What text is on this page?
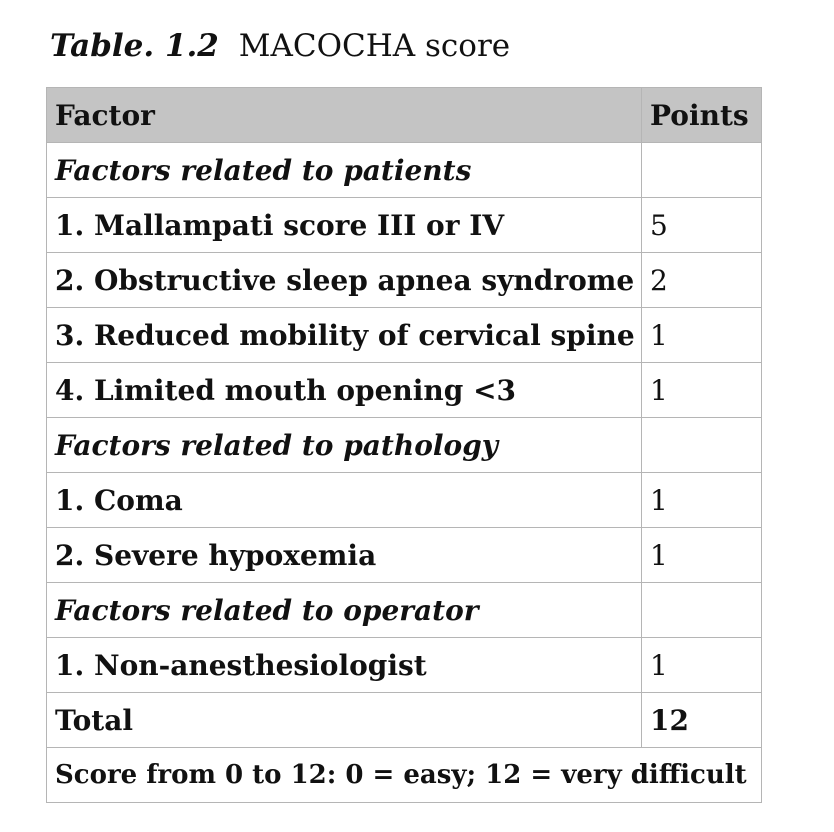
Table. 1.2 MACOCHA score
Factor	Points
Factors related to patients	
1. Mallampati score III or IV	5
2. Obstructive sleep apnea syndrome	2
3. Reduced mobility of cervical spine	1
4. Limited mouth opening <3	1
Factors related to pathology	
1. Coma	1
2. Severe hypoxemia	1
Factors related to operator	
1. Non-anesthesiologist	1
Total	12
Score from 0 to 12: 0 = easy; 12 = very difficult	
